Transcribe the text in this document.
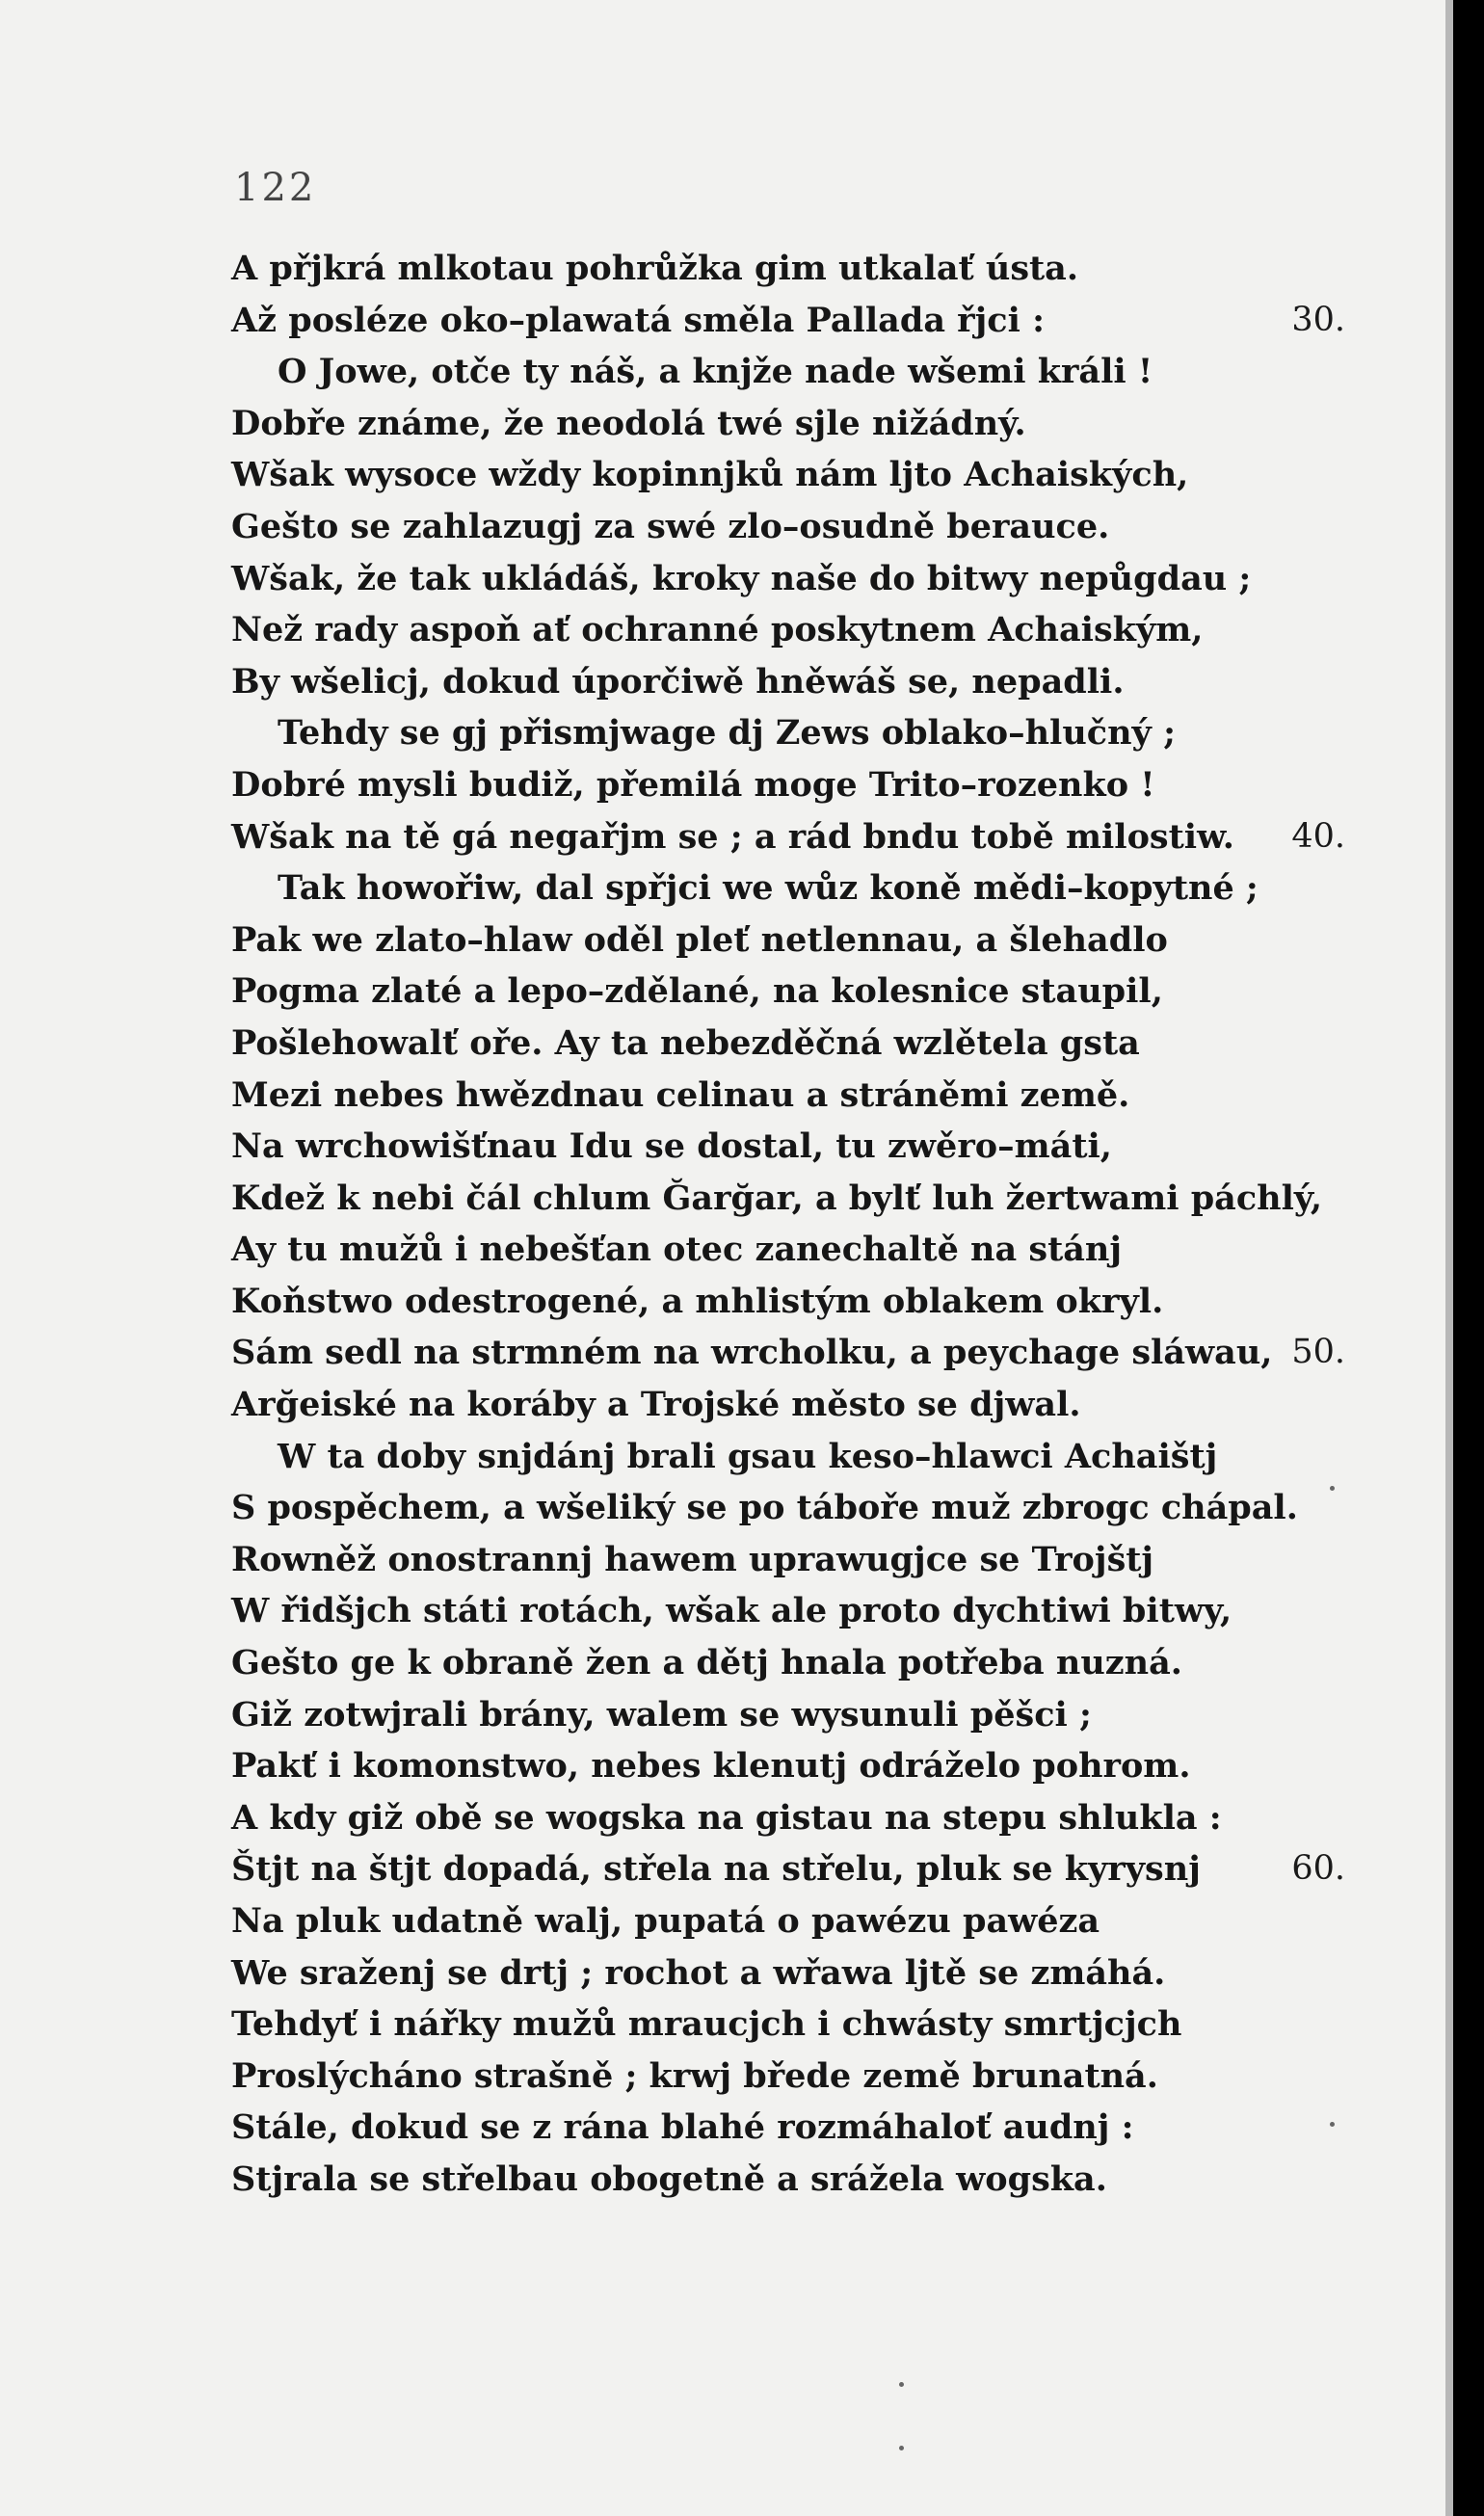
122
A přjkrá mlkotau pohrůžka gim utkalať ústa.
Až posléze oko–plawatá směla Pallada řjci :	30.
O Jowe, otče ty náš, a knjže nade wšemi králi !
Dobře známe, že neodolá twé sjle nižádný.
Wšak wysoce wždy kopinnjků nám ljto Achaiských,
Gešto se zahlazugj za swé zlo–osudně berauce.
Wšak, že tak ukládáš, kroky naše do bitwy nepůgdau ;
Než rady aspoň ať ochranné poskytnem Achaiským,
By wšelicj, dokud úporčiwě hněwáš se, nepadli.
Tehdy se gj přismjwage dj Zews oblako–hlučný ;
Dobré mysli budiž, přemilá moge Trito–rozenko !
Wšak na tě gá negařjm se ; a rád bndu tobě milostiw. 40.
Tak howořiw, dal spřjci we wůz koně mědi–kopytné ;
Pak we zlato–hlaw oděl pleť netlennau, a šlehadlo
Pogma zlaté a lepo–zdělané, na kolesnice staupil,
Pošlehowalť oře. Ay ta nebezděčná wzlětela gsta
Mezi nebes hwězdnau celinau a stráněmi země.
Na wrchowišťnau Idu se dostal, tu zwěro–máti,
Kdež k nebi čál chlum Ğarğar, a bylť luh žertwami páchlý,
Ay tu mužů i nebešťan otec zanechaltě na stánj
Koňstwo odestrogené, a mhlistým oblakem okryl.
Sám sedl na strmném na wrcholku, a peychage sláwau, 50.
Arğeiské na koráby a Trojské město se djwal.
W ta doby snjdánj brali gsau keso–hlawci Achaištj
S pospěchem, a wšeliký se po táboře muž zbrogc chápal.
Rowněž onostrannj hawem uprawugjce se Trojštj
W řidšjch státi rotách, wšak ale proto dychtiwi bitwy,
Gešto ge k obraně žen a dětj hnala potřeba nuzná.
Giž zotwjrali brány, walem se wysunuli pěšci ;
Pakť i komonstwo, nebes klenutj odráželo pohrom.
A kdy giž obě se wogska na gistau na stepu shlukla :
Štjt na štjt dopadá, střela na střelu, pluk se kyrysnj	60.
Na pluk udatně walj, pupatá o pawézu pawéza
We sraženj se drtj ; rochot a wřawa ljtě se zmáhá.
Tehdyť i nářky mužů mraucjch i chwásty smrtjcjch
Proslýcháno strašně ; krwj břede země brunatná.
Stále, dokud se z rána blahé rozmáhaloť audnj :
Stjrala se střelbau obogetně a srážela wogska.
